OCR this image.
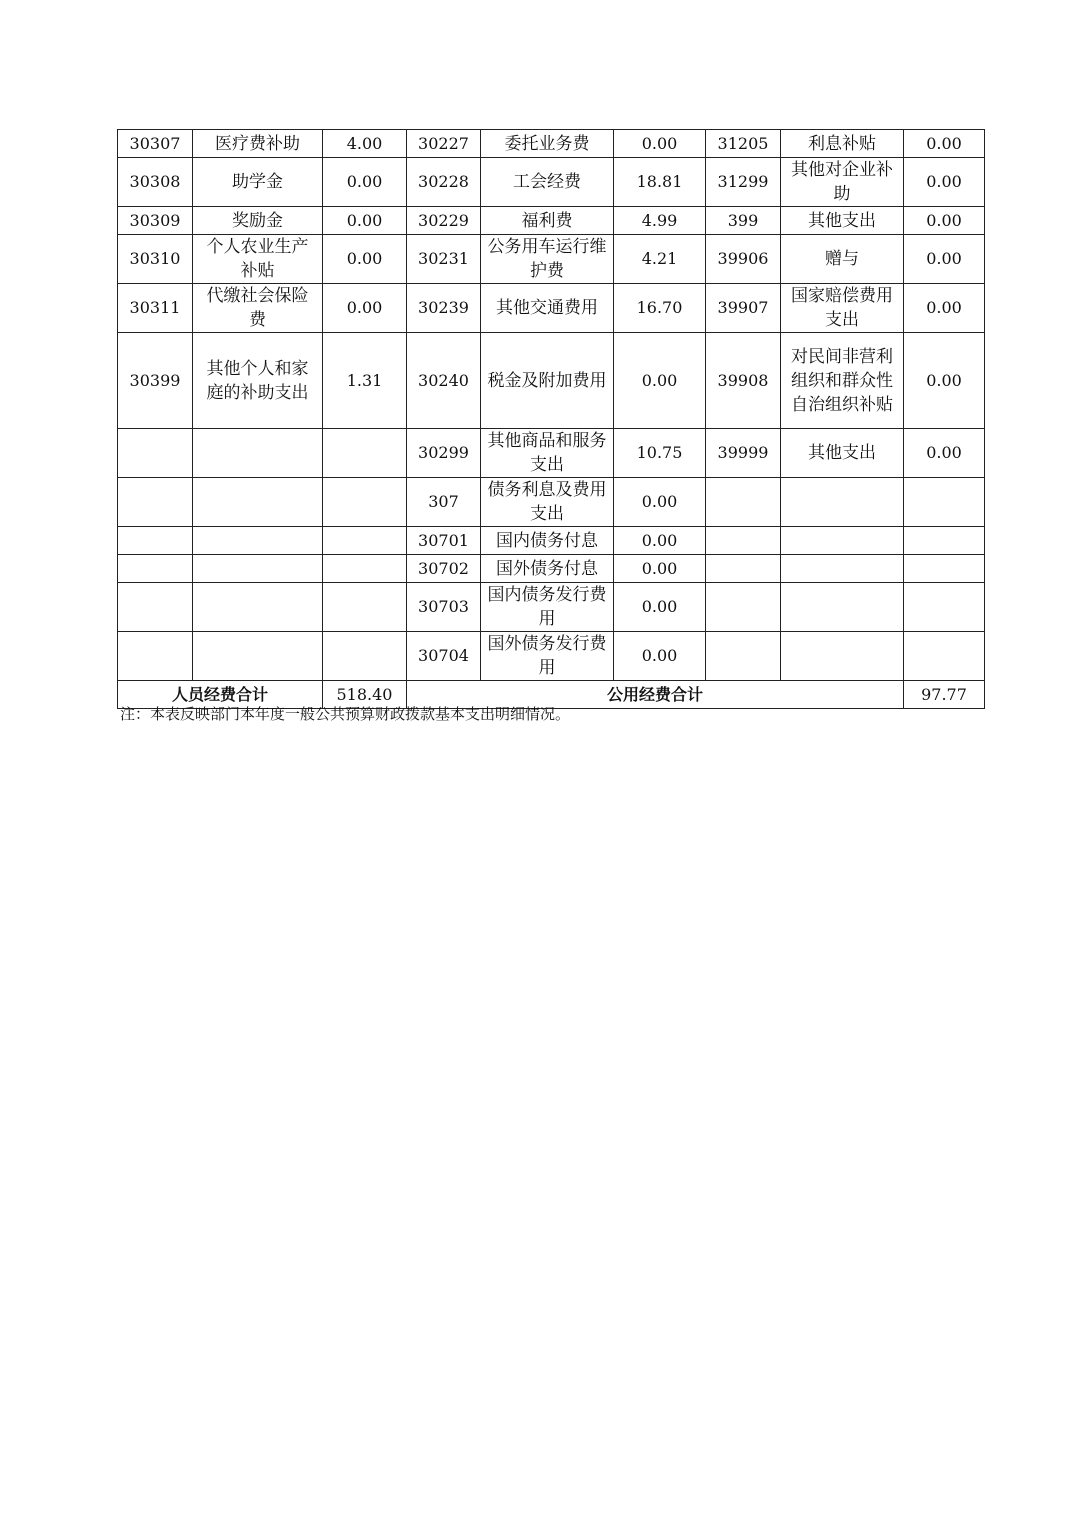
30307	医疗费补助	4.00	30227	委托业务费	0.00	31205	利息补贴	0.00
30308	助学金	0.00	30228	工会经费	18.81	31299	其他对企业补助	0.00
30309	奖励金	0.00	30229	福利费	4.99	399	其他支出	0.00
30310	个人农业生产补贴	0.00	30231	公务用车运行维护费	4.21	39906	赠与	0.00
30311	代缴社会保险费	0.00	30239	其他交通费用	16.70	39907	国家赔偿费用支出	0.00
30399	其他个人和家庭的补助支出	1.31	30240	税金及附加费用	0.00	39908	对民间非营利组织和群众性自治组织补贴	0.00
			30299	其他商品和服务支出	10.75	39999	其他支出	0.00
			307	债务利息及费用支出	0.00			
			30701	国内债务付息	0.00			
			30702	国外债务付息	0.00			
			30703	国内债务发行费用	0.00			
			30704	国外债务发行费用	0.00			
人员经费合计		518.40	公用经费合计					97.77
注：本表反映部门本年度一般公共预算财政拨款基本支出明细情况。
